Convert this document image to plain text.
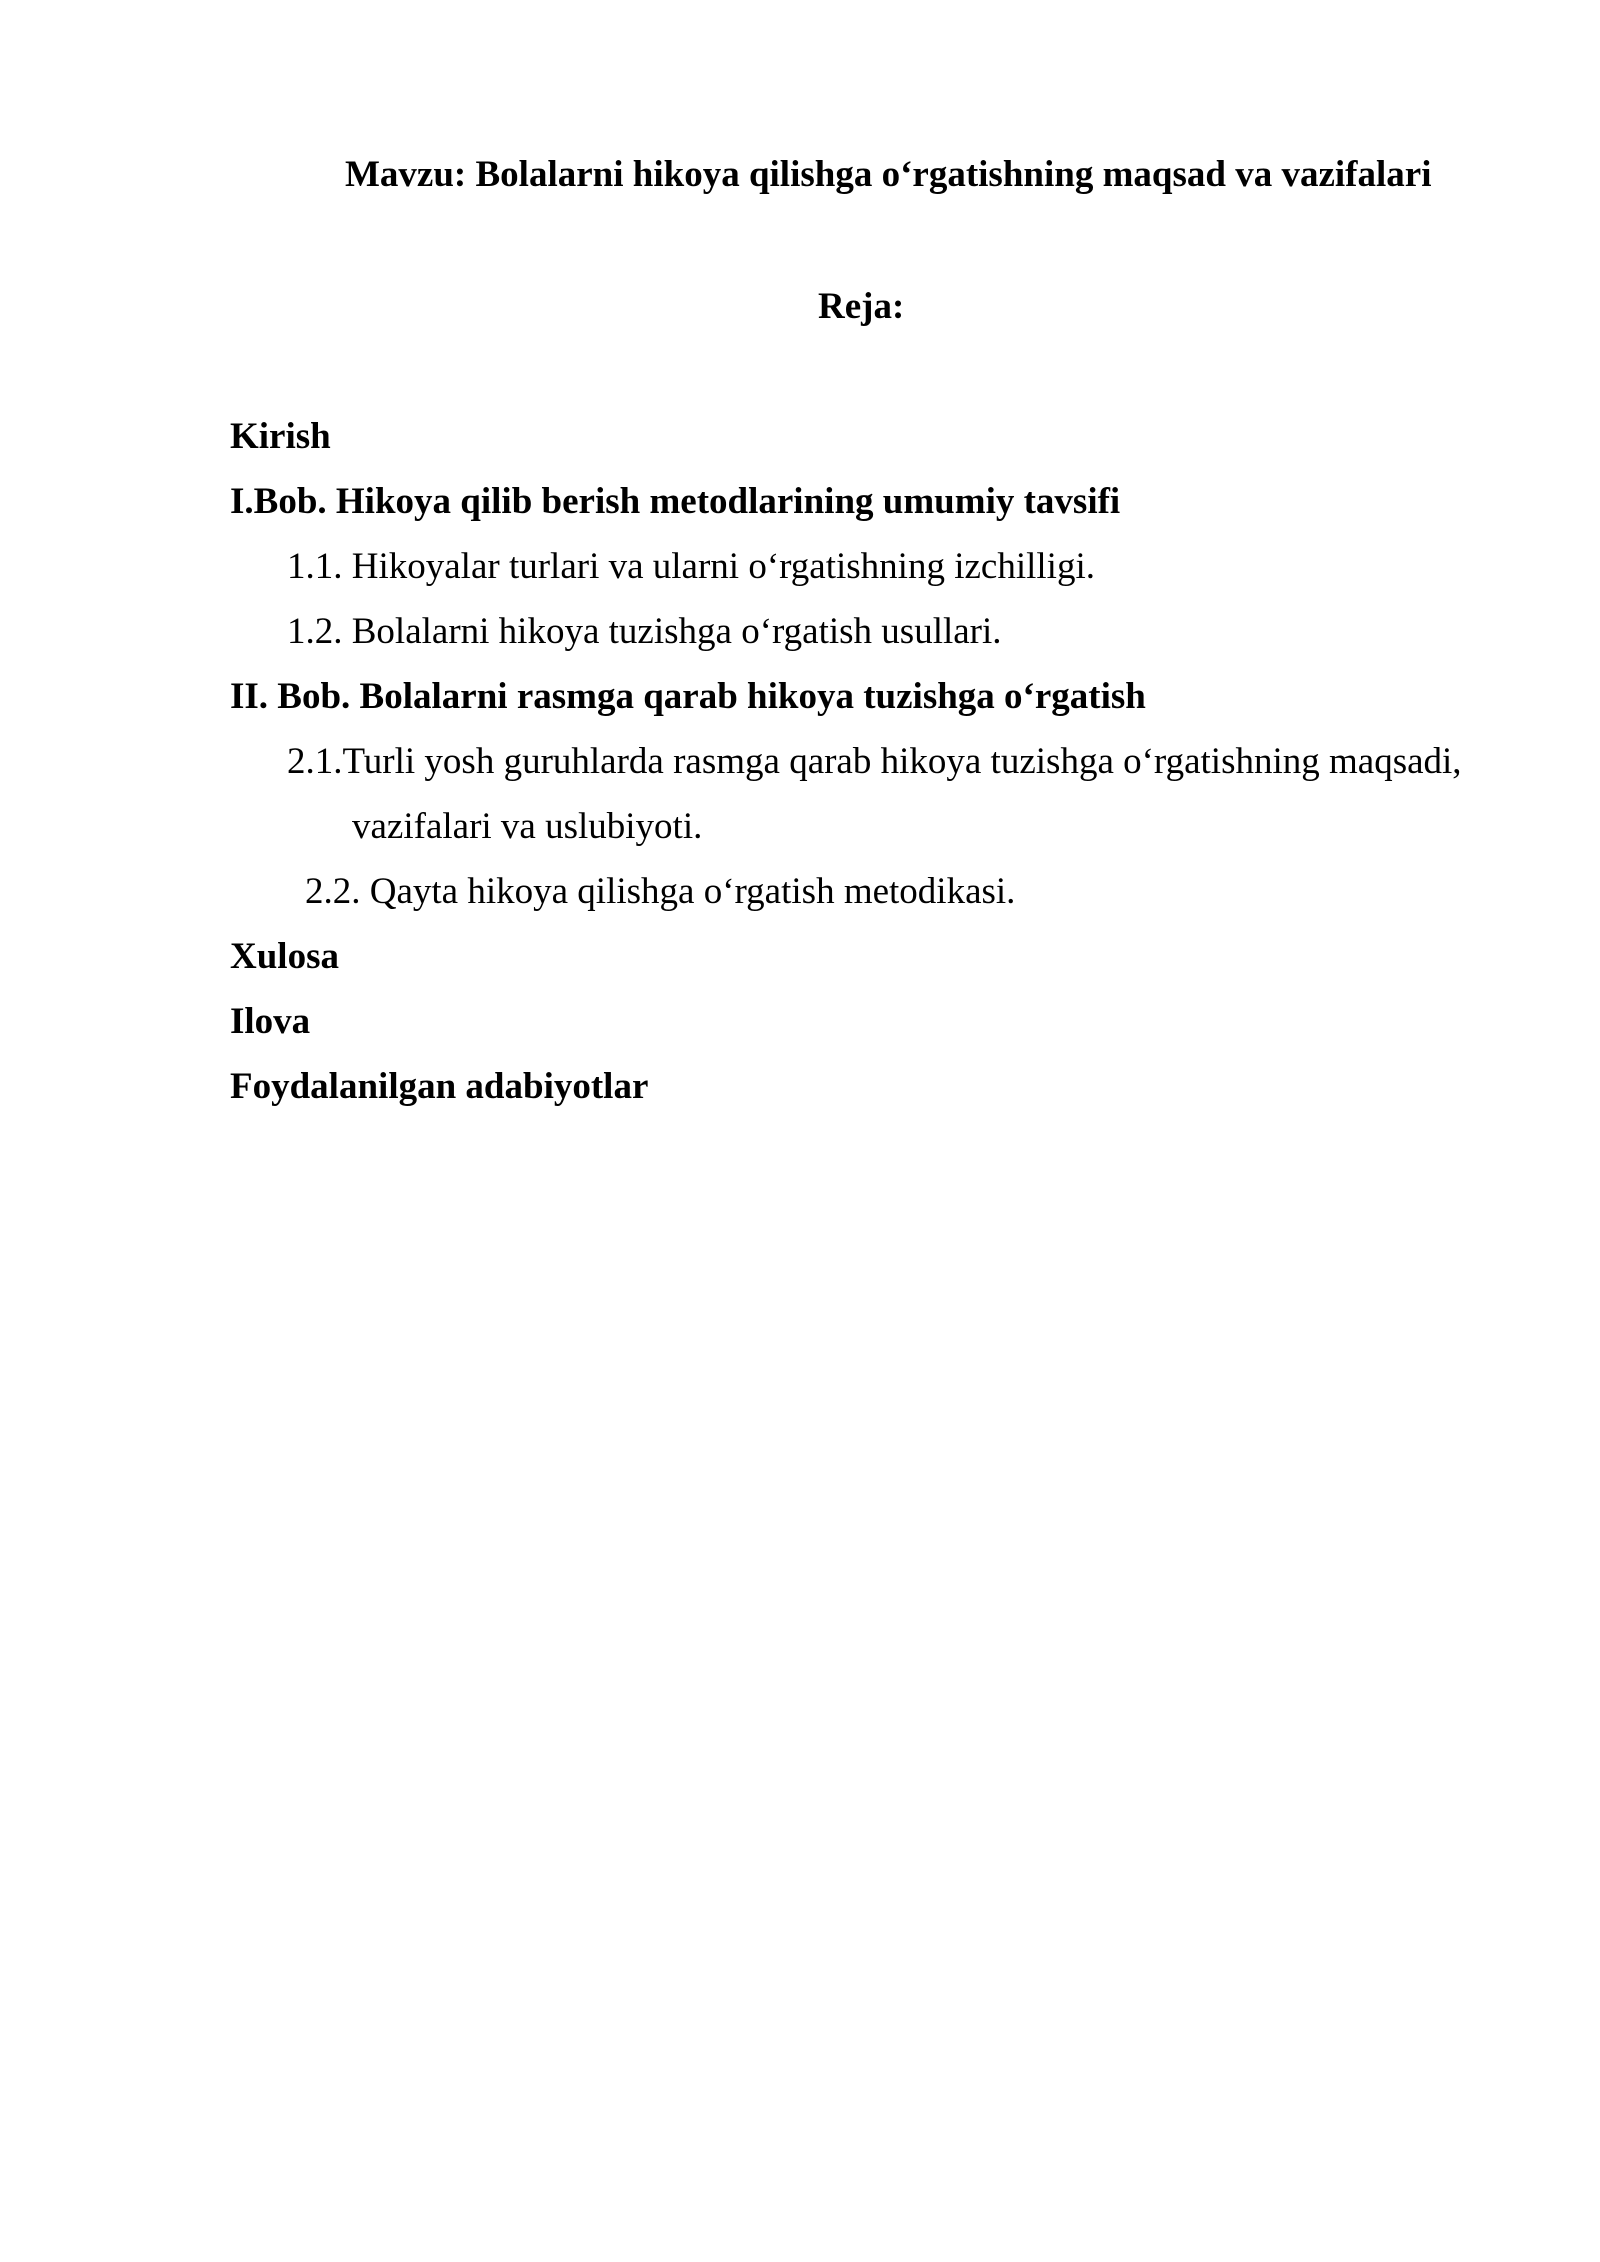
Mavzu: Bolalarni hikoya qilishga o‘rgatishning maqsad va vazifalari
Reja:
Kirish
I.Bob. Hikoya qilib berish metodlarining umumiy tavsifi
1.1. Hikoyalar turlari va ularni o‘rgatishning izchilligi.
1.2. Bolalarni hikoya tuzishga o‘rgatish usullari.
II. Bob. Bolalarni rasmga qarab hikoya tuzishga o‘rgatish
2.1.Turli yosh guruhlarda rasmga qarab hikoya tuzishga o‘rgatishning maqsadi,
vazifalari va uslubiyoti.
2.2. Qayta hikoya qilishga o‘rgatish metodikasi.
Xulosa
Ilova
Foydalanilgan adabiyotlar
